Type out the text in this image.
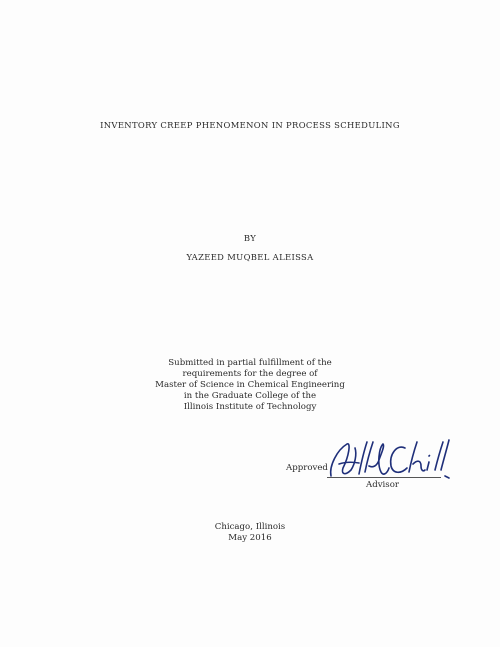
INVENTORY CREEP PHENOMENON IN PROCESS SCHEDULING
BY
YAZEED MUQBEL ALEISSA
Submitted in partial fulfillment of the
requirements for the degree of
Master of Science in Chemical Engineering
in the Graduate College of the
Illinois Institute of Technology
Approved
Advisor
Chicago, Illinois
May 2016
